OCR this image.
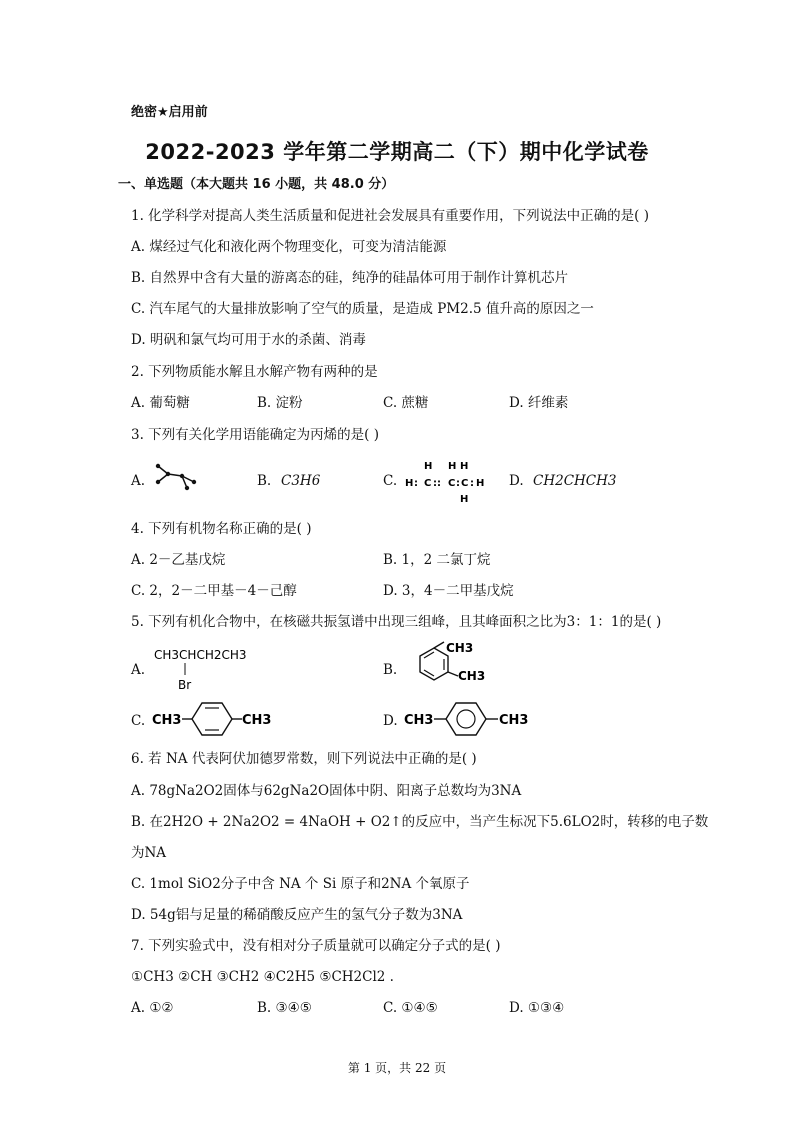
绝密★启用前
2022-2023 学年第二学期高二（下）期中化学试卷
一、单选题（本大题共 16 小题，共 48.0 分）
1. 化学科学对提高人类生活质量和促进社会发展具有重要作用，下列说法中正确的是( )
A. 煤经过气化和液化两个物理变化，可变为清洁能源
B. 自然界中含有大量的游离态的硅，纯净的硅晶体可用于制作计算机芯片
C. 汽车尾气的大量排放影响了空气的质量，是造成 PM2.5 值升高的原因之一
D. 明矾和氯气均可用于水的杀菌、消毒
2. 下列物质能水解且水解产物有两种的是
A. 葡萄糖	B. 淀粉	C. 蔗糖	D. 纤维素
3. 下列有关化学用语能确定为丙烯的是( )
A.	B. C3H6	C.
H H H
H : C :: C : C : H
H
D. CH2CHCH3
4. 下列有机物名称正确的是( )
A. 2－乙基戊烷	B. 1，2 二氯丁烷
C. 2，2－二甲基－4－己醇	D. 3，4－二甲基戊烷
5. 下列有机化合物中，在核磁共振氢谱中出现三组峰，且其峰面积之比为3：1：1的是( )
A.
CH3CHCH2CH3
Br
B.
CH3
CH3
C. CH3	CH3	D. CH3	CH3
6. 若 NA 代表阿伏加德罗常数，则下列说法中正确的是( )
A. 78gNa2O2固体与62gNa2O固体中阴、阳离子总数均为3NA
B. 在2H2O + 2Na2O2 = 4NaOH + O2↑的反应中，当产生标况下5.6LO2时，转移的电子数
为NA
C. 1mol SiO2分子中含 NA 个 Si 原子和2NA 个氧原子
D. 54g铝与足量的稀硝酸反应产生的氢气分子数为3NA
7. 下列实验式中，没有相对分子质量就可以确定分子式的是( )
①CH3 ②CH ③CH2 ④C2H5 ⑤CH2Cl2 .
A. ①②	B. ③④⑤	C. ①④⑤	D. ①③④
第 1 页，共 22 页
